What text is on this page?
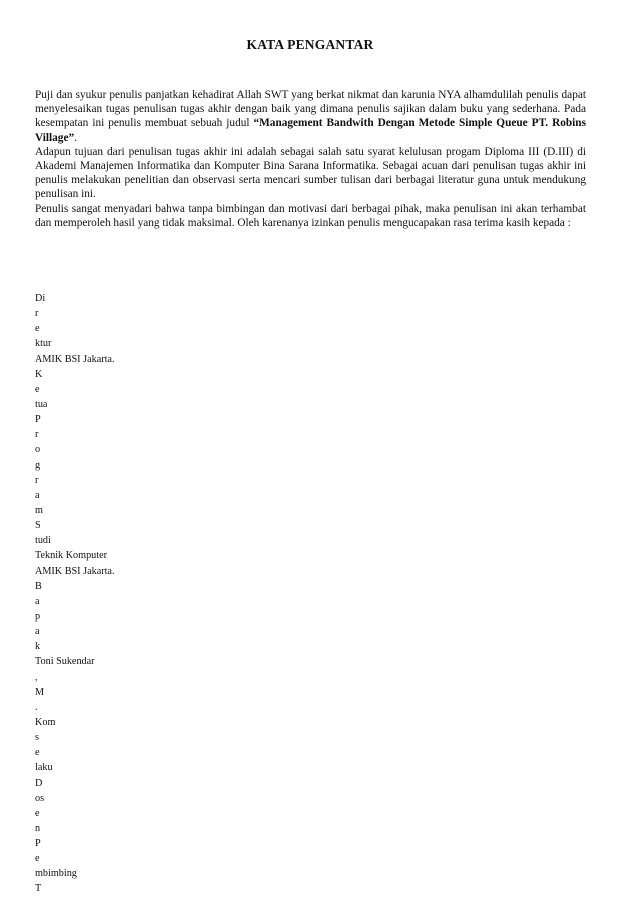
KATA PENGANTAR

Puji dan syukur penulis panjatkan kehadirat Allah SWT yang berkat nikmat dan karunia NYA alhamdulilah penulis dapat menyelesaikan tugas penulisan tugas akhir dengan baik yang dimana penulis sajikan dalam buku yang sederhana. Pada kesempatan ini penulis membuat sebuah judul “Management Bandwith Dengan Metode Simple Queue PT. Robins Village”.

Adapun tujuan dari penulisan tugas akhir ini adalah sebagai salah satu syarat kelulusan progam Diploma III (D.III) di Akademi Manajemen Informatika dan Komputer Bina Sarana Informatika. Sebagai acuan dari penulisan tugas akhir ini penulis melakukan penelitian dan observasi serta mencari sumber tulisan dari berbagai literatur guna untuk mendukung penulisan ini.

Penulis sangat menyadari bahwa tanpa bimbingan dan motivasi dari berbagai pihak, maka penulisan ini akan terhambat dan memperoleh hasil yang tidak maksimal. Oleh karenanya izinkan penulis mengucapakan rasa terima kasih kepada :

Di
r
e
ktur
AMIK BSI Jakarta.
K
e
tua
P
r
o
g
r
a
m
S
tudi
Teknik Komputer
AMIK BSI Jakarta.
B
a
p
a
k
Toni Sukendar
,
M
.
Kom
s
e
laku
D
os
e
n
P
e
mbimbing
T
